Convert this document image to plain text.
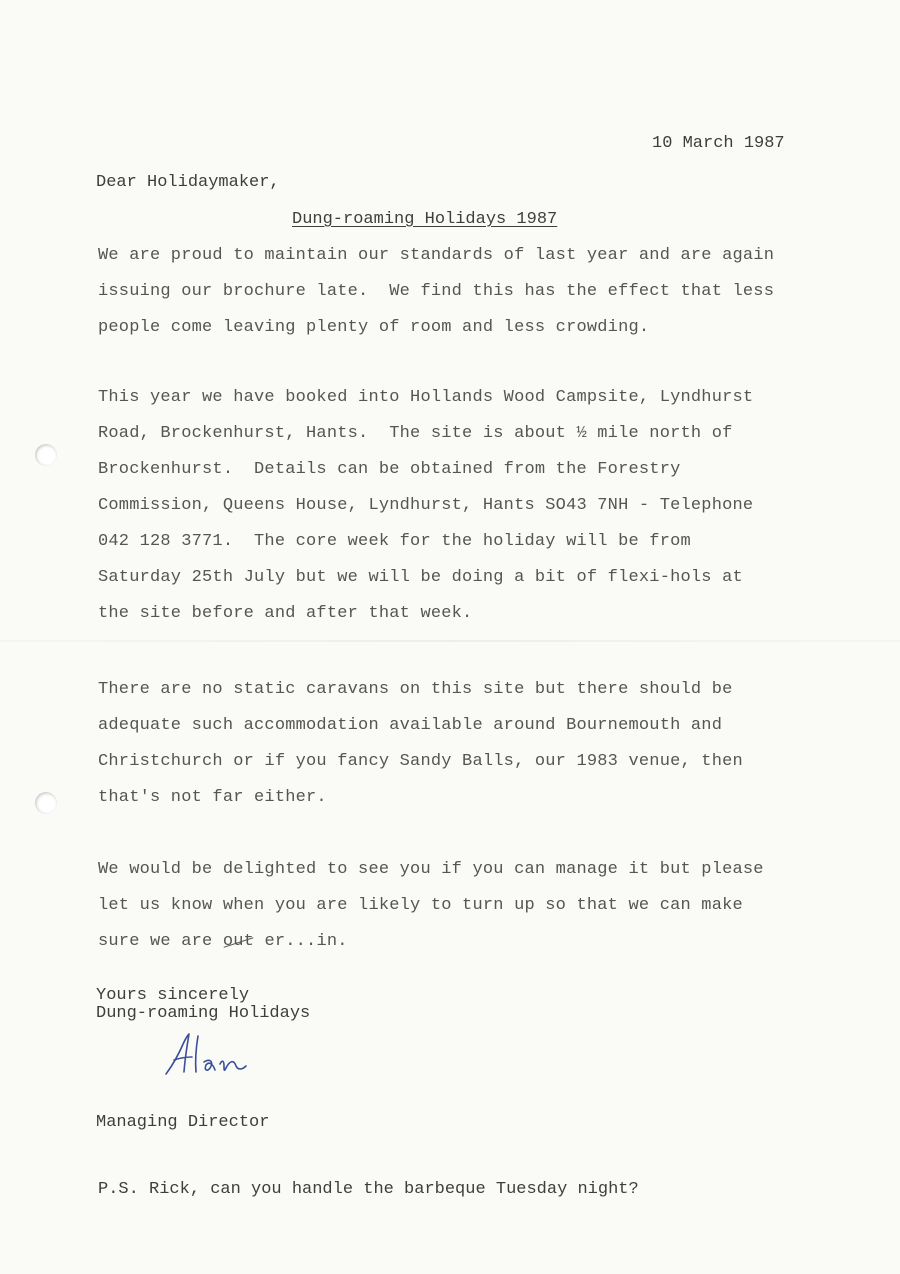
10 March 1987
Dear Holidaymaker,
Dung-roaming Holidays 1987

We are proud to maintain our standards of last year and are again
issuing our brochure late.  We find this has the effect that less
people come leaving plenty of room and less crowding.

This year we have booked into Hollands Wood Campsite, Lyndhurst
Road, Brockenhurst, Hants.  The site is about ½ mile north of
Brockenhurst.  Details can be obtained from the Forestry
Commission, Queens House, Lyndhurst, Hants SO43 7NH - Telephone
042 128 3771.  The core week for the holiday will be from
Saturday 25th July but we will be doing a bit of flexi-hols at
the site before and after that week.

There are no static caravans on this site but there should be
adequate such accommodation available around Bournemouth and
Christchurch or if you fancy Sandy Balls, our 1983 venue, then
that's not far either.

We would be delighted to see you if you can manage it but please
let us know when you are likely to turn up so that we can make
sure we are out er...in.

Yours sincerely
Dung-roaming Holidays
Managing Director
P.S. Rick, can you handle the barbeque Tuesday night?
